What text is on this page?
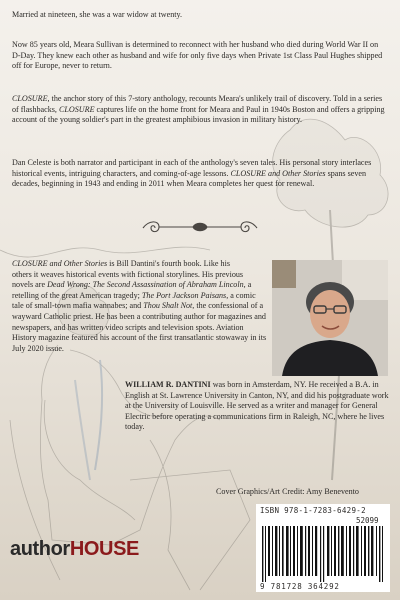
Married at nineteen, she was a war widow at twenty.
Now 85 years old, Meara Sullivan is determined to reconnect with her husband who died during World War II on D-Day. They knew each other as husband and wife for only five days when Private 1st Class Paul Hughes shipped off for Europe, never to return.
CLOSURE, the anchor story of this 7-story anthology, recounts Meara's unlikely trail of discovery. Told in a series of flashbacks, CLOSURE captures life on the home front for Meara and Paul in 1940s Boston and offers a gripping account of the young soldier's part in the greatest amphibious invasion in military history.
Dan Celeste is both narrator and participant in each of the anthology's seven tales. His personal story interlaces historical events, intriguing characters, and coming-of-age lessons. CLOSURE and Other Stories spans seven decades, beginning in 1943 and ending in 2011 when Meara completes her quest for renewal.
CLOSURE and Other Stories is Bill Dantini's fourth book. Like his
others it weaves historical events with fictional storylines. His previous
novels are Dead Wrong: The Second Assassination of Abraham Lincoln, a retelling of the great American tragedy; The Port Jackson Paisans, a comic tale of small-town mafia wannabes; and Thou Shalt Not, the confessional of a wayward Catholic priest. He has been a contributing author for magazines and newspapers, and has written video scripts and television spots. Aviation History magazine featured his account of the first transatlantic stowaway in its July 2020 issue.
WILLIAM R. DANTINI was born in Amsterdam, NY. He received a B.A. in English at St. Lawrence University in Canton, NY, and did his postgraduate work at the University of Louisville. He served as a writer and manager for General Electric before operating a communications firm in Raleigh, NC, where he lives today.
Cover Graphics/Art Credit: Amy Benevento
ISBN 978-1-7283-6429-2
52099
9 781728 364292
authorHOUSE
